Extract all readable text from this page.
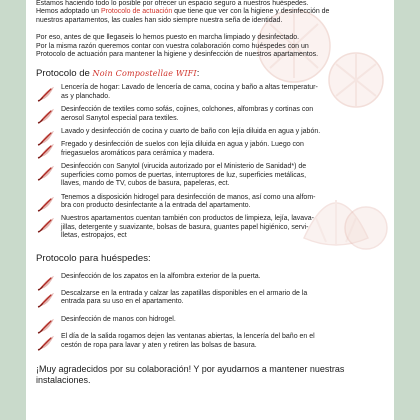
Estamos haciendo todo lo posible por ofrecer un espacio seguro a nuestros huéspedes.
Hemos adoptado un Protocolo de actuación que tiene que ver con la higiene y desinfección de
nuestros apartamentos, las cuales han sido siempre nuestra seña de identidad.

Por eso, antes de que llegaseis lo hemos puesto en marcha limpiado y desinfectado.
Por la misma razón queremos contar con vuestra colaboración como huéspedes con un
Protocolo de actuación para mantener la higiene y desinfección de nuestros apartamentos.

Protocolo de Noin Compostellae WIFI:

Lencería de hogar: Lavado de lencería de cama, cocina y baño a altas temperatur-
as y planchado.
Desinfección de textiles como sofás, cojines, colchones, alfombras y cortinas con
aerosol Sanytol especial para textiles.
Lavado y desinfección de cocina y cuarto de baño con lejía diluida en agua y jabón.
Fregado y desinfección de suelos con lejía diluida en agua y jabón. Luego con
friegasuelos aromáticos para cerámica y madera.
Desinfección con Sanytol (virucida autorizado por el Ministerio de Sanidad*) de
superficies como pomos de puertas, interruptores de luz, superficies metálicas,
llaves, mando de TV, cubos de basura, papeleras, ect.
Tenemos a disposición hidrogel para desinfección de manos, así como una alfom-
bra con producto desinfectante a la entrada del apartamento.
Nuestros apartamentos cuentan también con productos de limpieza, lejía, lavava-
jillas, detergente y suavizante, bolsas de basura, guantes papel higiénico, servi-
lletas, estropajos, ect

Protocolo para huéspedes:

Desinfección de los zapatos en la alfombra exterior de la puerta.
Descalzarse en la entrada y calzar las zapatillas disponibles en el armario de la
entrada para su uso en el apartamento.
Desinfección de manos con hidrogel.
El día de la salida rogamos dejen las ventanas abiertas, la lencería del baño en el
cestón de ropa para lavar y aten y retiren las bolsas de basura.

¡Muy agradecidos por su colaboración! Y por ayudarnos a mantener nuestras
instalaciones.
